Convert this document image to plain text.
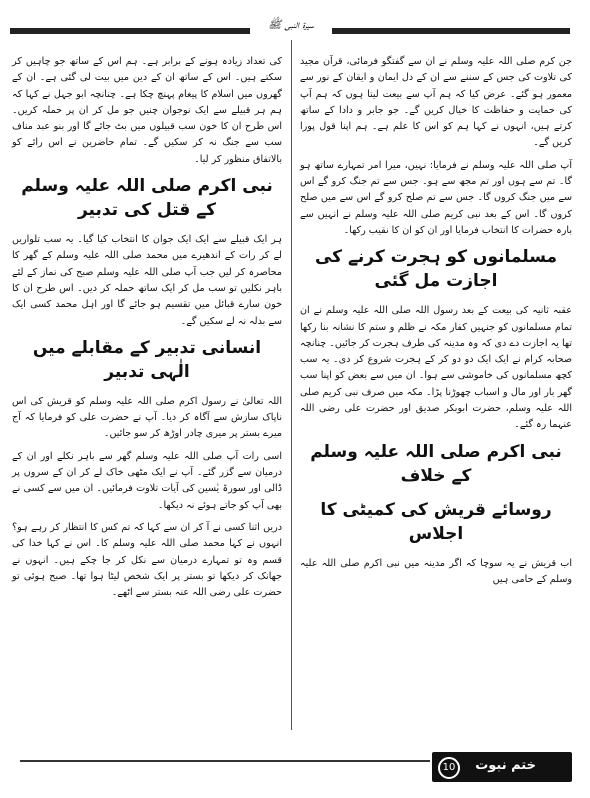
سیرۃ النبی ﷺ

جن کرم صلی اللہ علیہ وسلم نے ان سے گفتگو فرمائی، قرآن مجید کی تلاوت کی جس کے سننے سے ان کے دل ایمان و ایقان کے نور سے معمور ہو گئے۔ عرض کیا کہ ہم آپ سے بیعت لیتا ہوں کہ ہم آپ کی حمایت و حفاظت کا خیال کریں گے۔ جو جابر و دادا کے ساتھ کرتے ہیں، انہوں نے کہا ہم کو اس کا علم ہے۔ ہم اپنا قول پورا کریں گے۔

آپ صلی اللہ علیہ وسلم نے فرمایا: نہیں، میرا امر تمہارے ساتھ ہو گا۔ تم سے ہوں اور تم مجھ سے ہو۔ جس سے تم جنگ کرو گے اس سے میں جنگ کروں گا۔ جس سے تم صلح کرو گے اس سے میں صلح کروں گا۔ اس کے بعد نبی کریم صلی اللہ علیہ وسلم نے انہیں سے بارہ حضرات کا انتخاب فرمایا اور ان کو ان کا نقیب رکھا۔

مسلمانوں کو ہجرت کرنے کی اجازت مل گئی

عقبہ ثانیہ کی بیعت کے بعد رسول اللہ صلی اللہ علیہ وسلم نے ان تمام مسلمانوں کو جنہیں کفار مکہ نے ظلم و ستم کا نشانہ بنا رکھا تھا یہ اجازت دے دی کہ وہ مدینہ کی طرف ہجرت کر جائیں۔ چنانچہ صحابہ کرام نے ایک ایک دو دو کر کے ہجرت شروع کر دی۔ یہ سب کچھ مسلمانوں کی خاموشی سے ہوا۔ ان میں سے بعض کو اپنا سب گھر بار اور مال و اسباب چھوڑنا پڑا۔ مکہ میں صرف نبی کریم صلی اللہ علیہ وسلم، حضرت ابوبکر صدیق اور حضرت علی رضی اللہ عنہما رہ گئے۔

نبی اکرم صلی اللہ علیہ وسلم کے خلاف
روسائے قریش کی کمیٹی کا اجلاس

اب قریش نے یہ سوچا کہ اگر مدینہ میں نبی اکرم صلی اللہ علیہ وسلم کے حامی ہیں

کی تعداد زیادہ ہونے کے برابر ہے۔ ہم اس کے ساتھ جو چاہیں کر سکتے ہیں۔ اس کے ساتھ ان کے دین میں بیت لی گئی ہے۔ ان کے گھروں میں اسلام کا پیغام پہنچ چکا ہے۔ چنانچہ ابو جہل نے کہا کہ ہم ہر قبیلے سے ایک نوجوان چنیں جو مل کر ان پر حملہ کریں۔ اس طرح ان کا خون سب قبیلوں میں بٹ جائے گا اور بنو عبد مناف سب سے جنگ نہ کر سکیں گے۔ تمام حاضرین نے اس رائے کو بالاتفاق منظور کر لیا۔

نبی اکرم صلی اللہ علیہ وسلم کے قتل کی تدبیر

ہر ایک قبیلے سے ایک ایک جوان کا انتخاب کیا گیا۔ یہ سب تلواریں لے کر رات کے اندھیرے میں محمد صلی اللہ علیہ وسلم کے گھر کا محاصرہ کر لیں جب آپ صلی اللہ علیہ وسلم صبح کی نماز کے لئے باہر نکلیں تو سب مل کر ایک ساتھ حملہ کر دیں۔ اس طرح ان کا خون سارے قبائل میں تقسیم ہو جائے گا اور اہل محمد کسی ایک سے بدلہ نہ لے سکیں گے۔

انسانی تدبیر کے مقابلے میں الٰہی تدبیر

اللہ تعالیٰ نے رسول اکرم صلی اللہ علیہ وسلم کو قریش کی اس ناپاک سازش سے آگاہ کر دیا۔ آپ نے حضرت علی کو فرمایا کہ آج میرے بستر پر میری چادر اوڑھ کر سو جائیں۔

اسی رات آپ صلی اللہ علیہ وسلم گھر سے باہر نکلے اور ان کے درمیان سے گزر گئے۔ آپ نے ایک مٹھی خاک لے کر ان کے سروں پر ڈالی اور سورۃ یٰسین کی آیات تلاوت فرمائیں۔ ان میں سے کسی نے بھی آپ کو جاتے ہوئے نہ دیکھا۔

دریں اثنا کسی نے آ کر ان سے کہا کہ تم کس کا انتظار کر رہے ہو؟ انہوں نے کہا محمد صلی اللہ علیہ وسلم کا۔ اس نے کہا خدا کی قسم وہ تو تمہارے درمیان سے نکل کر جا چکے ہیں۔ انہوں نے جھانک کر دیکھا تو بستر پر ایک شخص لیٹا ہوا تھا۔ صبح ہوئی تو حضرت علی رضی اللہ عنہ بستر سے اٹھے۔

ختم نبوت
10
